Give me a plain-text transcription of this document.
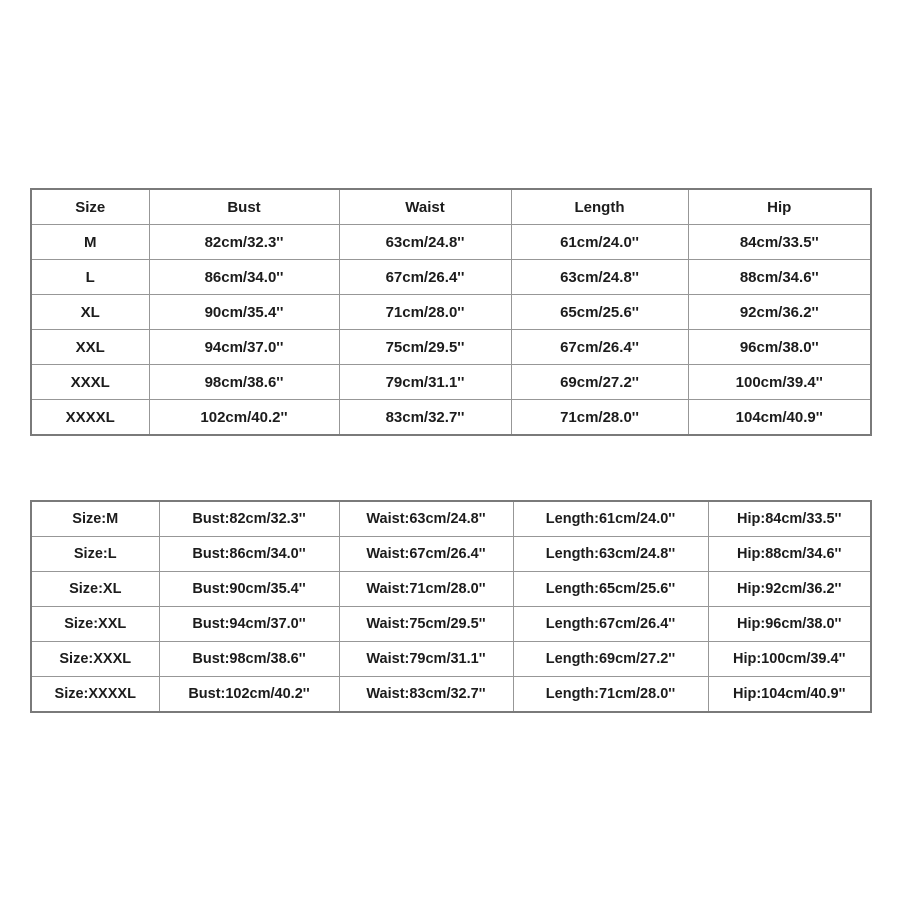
Size	Bust	Waist	Length	Hip
M	82cm/32.3''	63cm/24.8''	61cm/24.0''	84cm/33.5''
L	86cm/34.0''	67cm/26.4''	63cm/24.8''	88cm/34.6''
XL	90cm/35.4''	71cm/28.0''	65cm/25.6''	92cm/36.2''
XXL	94cm/37.0''	75cm/29.5''	67cm/26.4''	96cm/38.0''
XXXL	98cm/38.6''	79cm/31.1''	69cm/27.2''	100cm/39.4''
XXXXL	102cm/40.2''	83cm/32.7''	71cm/28.0''	104cm/40.9''
Size:M	Bust:82cm/32.3''	Waist:63cm/24.8''	Length:61cm/24.0''	Hip:84cm/33.5''
Size:L	Bust:86cm/34.0''	Waist:67cm/26.4''	Length:63cm/24.8''	Hip:88cm/34.6''
Size:XL	Bust:90cm/35.4''	Waist:71cm/28.0''	Length:65cm/25.6''	Hip:92cm/36.2''
Size:XXL	Bust:94cm/37.0''	Waist:75cm/29.5''	Length:67cm/26.4''	Hip:96cm/38.0''
Size:XXXL	Bust:98cm/38.6''	Waist:79cm/31.1''	Length:69cm/27.2''	Hip:100cm/39.4''
Size:XXXXL	Bust:102cm/40.2''	Waist:83cm/32.7''	Length:71cm/28.0''	Hip:104cm/40.9''
